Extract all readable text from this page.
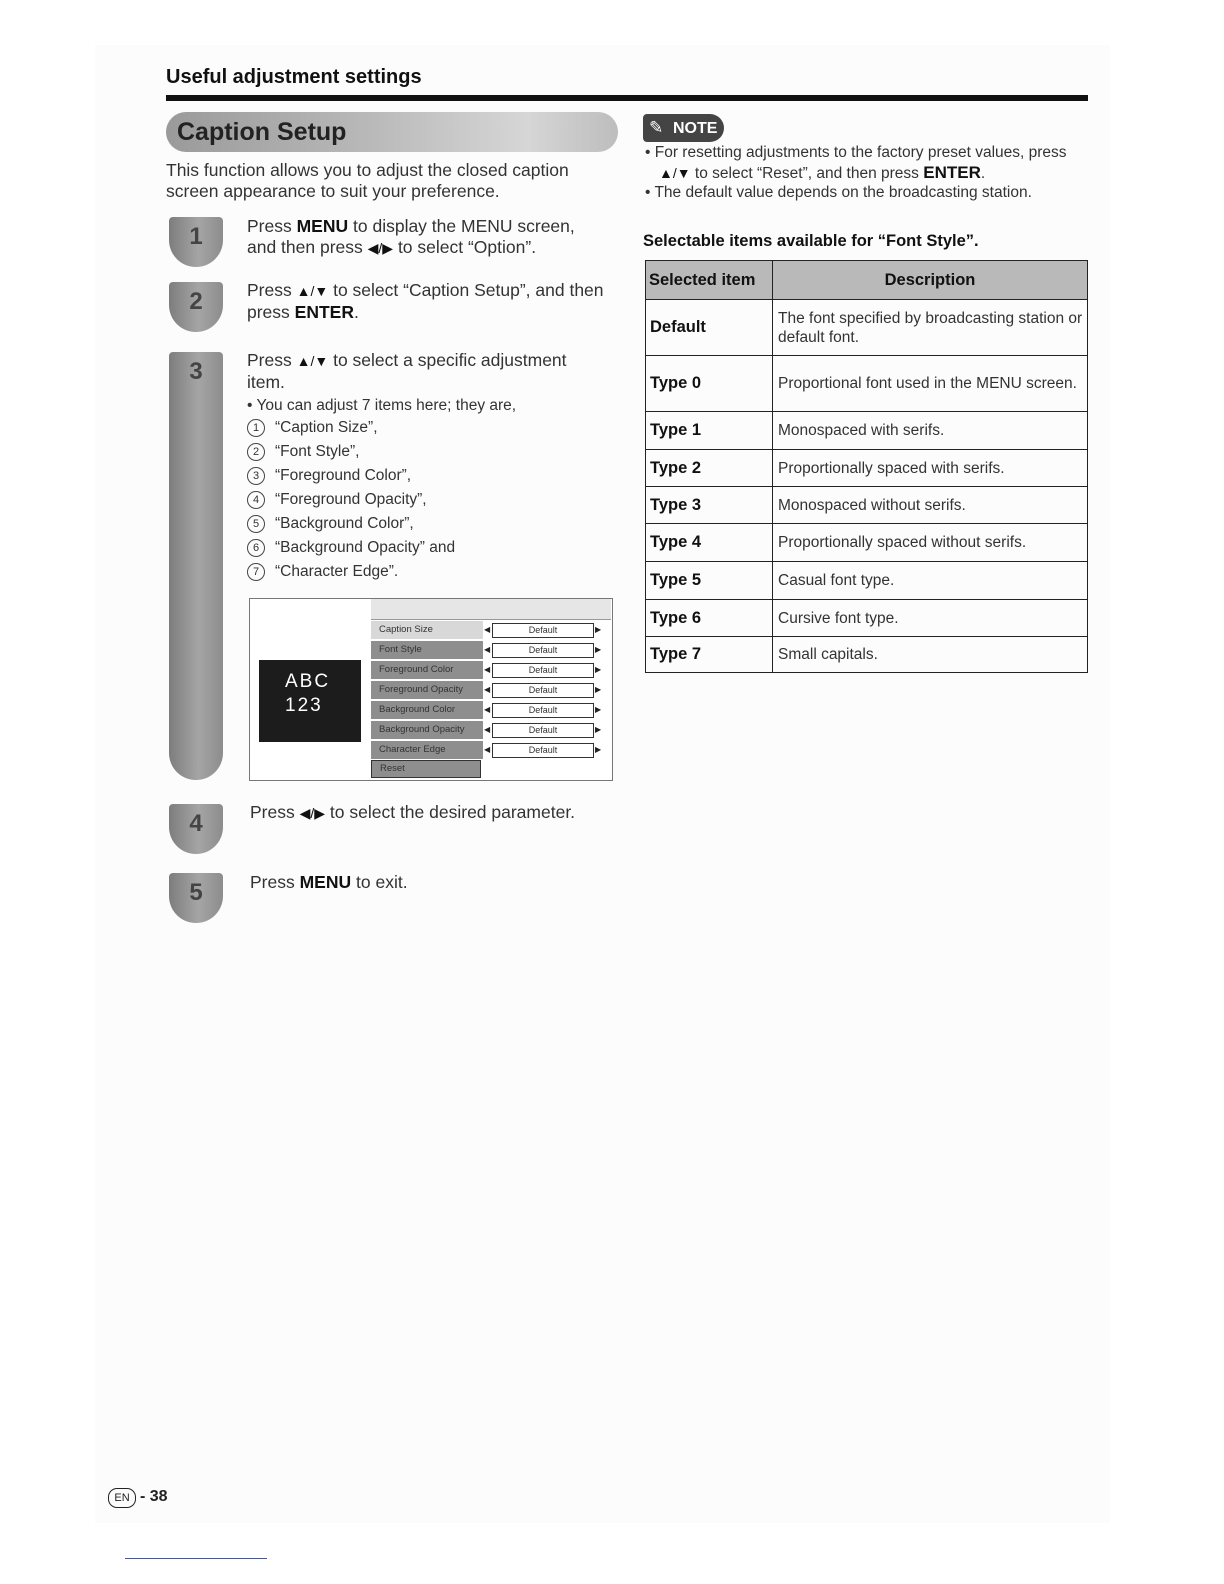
Useful adjustment settings
Caption Setup
This function allows you to adjust the closed caption screen appearance to suit your preference.
1	Press MENU to display the MENU screen, and then press ◀/▶ to select “Option”.
2	Press ▲/▼ to select “Caption Setup”, and then press ENTER.
3	Press ▲/▼ to select a specific adjustment item.
• You can adjust 7 items here; they are,
1 “Caption Size”,
2 “Font Style”,
3 “Foreground Color”,
4 “Foreground Opacity”,
5 “Background Color”,
6 “Background Opacity” and
7 “Character Edge”.
ABC
123
Caption Size	◀	Default	▶
Font Style	◀	Default	▶
Foreground Color	◀	Default	▶
Foreground Opacity	◀	Default	▶
Background Color	◀	Default	▶
Background Opacity	◀	Default	▶
Character Edge	◀	Default	▶
Reset
4	Press ◀/▶ to select the desired parameter.
5	Press MENU to exit.
✎ NOTE
• For resetting adjustments to the factory preset values, press ▲/▼ to select “Reset”, and then press ENTER.
• The default value depends on the broadcasting station.
Selectable items available for “Font Style”.
Selected item	Description
Default	The font specified by broadcasting station or default font.
Type 0	Proportional font used in the MENU screen.
Type 1	Monospaced with serifs.
Type 2	Proportionally spaced with serifs.
Type 3	Monospaced without serifs.
Type 4	Proportionally spaced without serifs.
Type 5	Casual font type.
Type 6	Cursive font type.
Type 7	Small capitals.
EN - 38
